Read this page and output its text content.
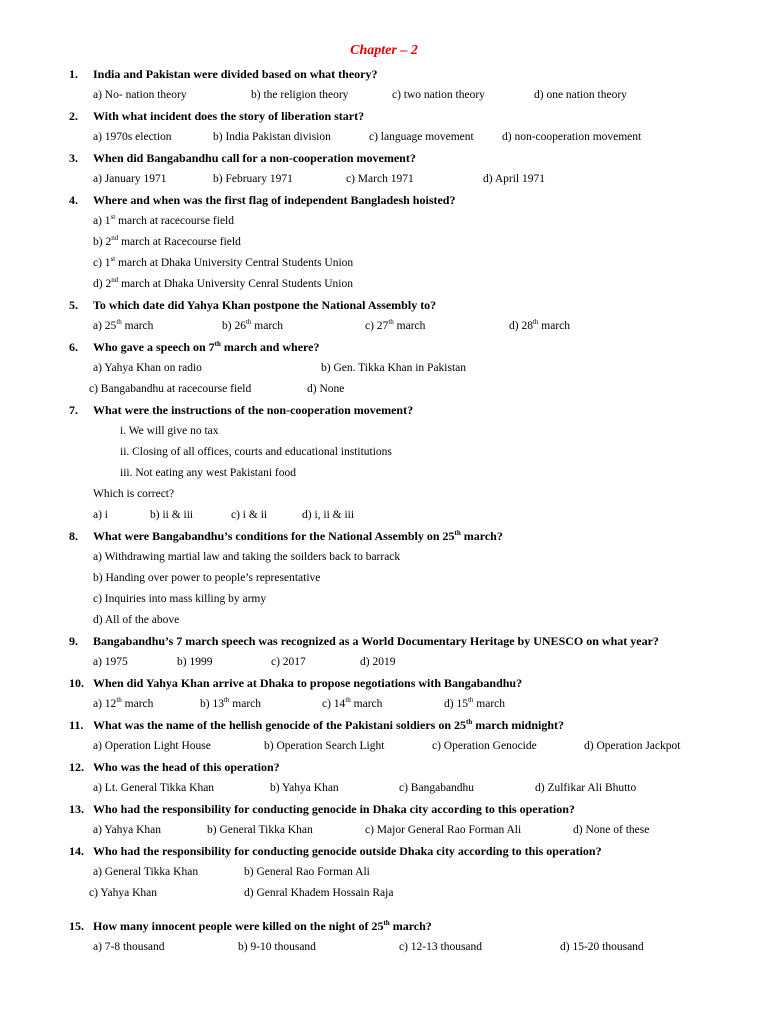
Chapter – 2
1. India and Pakistan were divided based on what theory?
a) No- nation theory	b) the religion theory	c) two nation theory	d) one nation theory
2. With what incident does the story of liberation start?
a) 1970s election	b) India Pakistan division	c) language movement d) non-cooperation movement
3. When did Bangabandhu call for a non-cooperation movement?
a) January 1971	b) February 1971	c) March 1971	d) April 1971
4. Where and when was the first flag of independent Bangladesh hoisted?
a) 1st march at racecourse field
b) 2nd march at Racecourse field
c) 1st march at Dhaka University Central Students Union
d) 2nd march at Dhaka University Cenral Students Union
5. To which date did Yahya Khan postpone the National Assembly to?
a) 25th march	b) 26th march	c) 27th march	d) 28th march
6. Who gave a speech on 7th march and where?
a) Yahya Khan on radio	b) Gen. Tikka Khan in Pakistan
c) Bangabandhu at racecourse field	d) None
7. What were the instructions of the non-cooperation movement?
i. We will give no tax
ii. Closing of all offices, courts and educational institutions
iii. Not eating any west Pakistani food
Which is correct?
a) i	b) ii & iii	c) i & ii	d) i, ii & iii
8. What were Bangabandhu’s conditions for the National Assembly on 25th march?
a) Withdrawing martial law and taking the soilders back to barrack
b) Handing over power to people’s representative
c) Inquiries into mass killing by army
d) All of the above
9. Bangabandhu’s 7 march speech was recognized as a World Documentary Heritage by UNESCO on what year?
a) 1975	b) 1999	c) 2017	d) 2019
10. When did Yahya Khan arrive at Dhaka to propose negotiations with Bangabandhu?
a) 12th march	b) 13th march	c) 14th march	d) 15th march
11. What was the name of the hellish genocide of the Pakistani soldiers on 25th march midnight?
a) Operation Light House	b) Operation Search Light	c) Operation Genocide	d) Operation Jackpot
12. Who was the head of this operation?
a) Lt. General Tikka Khan	b) Yahya Khan	c) Bangabandhu	d) Zulfikar Ali Bhutto
13. Who had the responsibility for conducting genocide in Dhaka city according to this operation?
a) Yahya Khan	b) General Tikka Khan	c) Major General Rao Forman Ali	d) None of these
14. Who had the responsibility for conducting genocide outside Dhaka city according to this operation?
a) General Tikka Khan	b) General Rao Forman Ali
c) Yahya Khan	d) Genral Khadem Hossain Raja
15. How many innocent people were killed on the night of 25th march?
a) 7-8 thousand	b) 9-10 thousand	c) 12-13 thousand	d) 15-20 thousand
